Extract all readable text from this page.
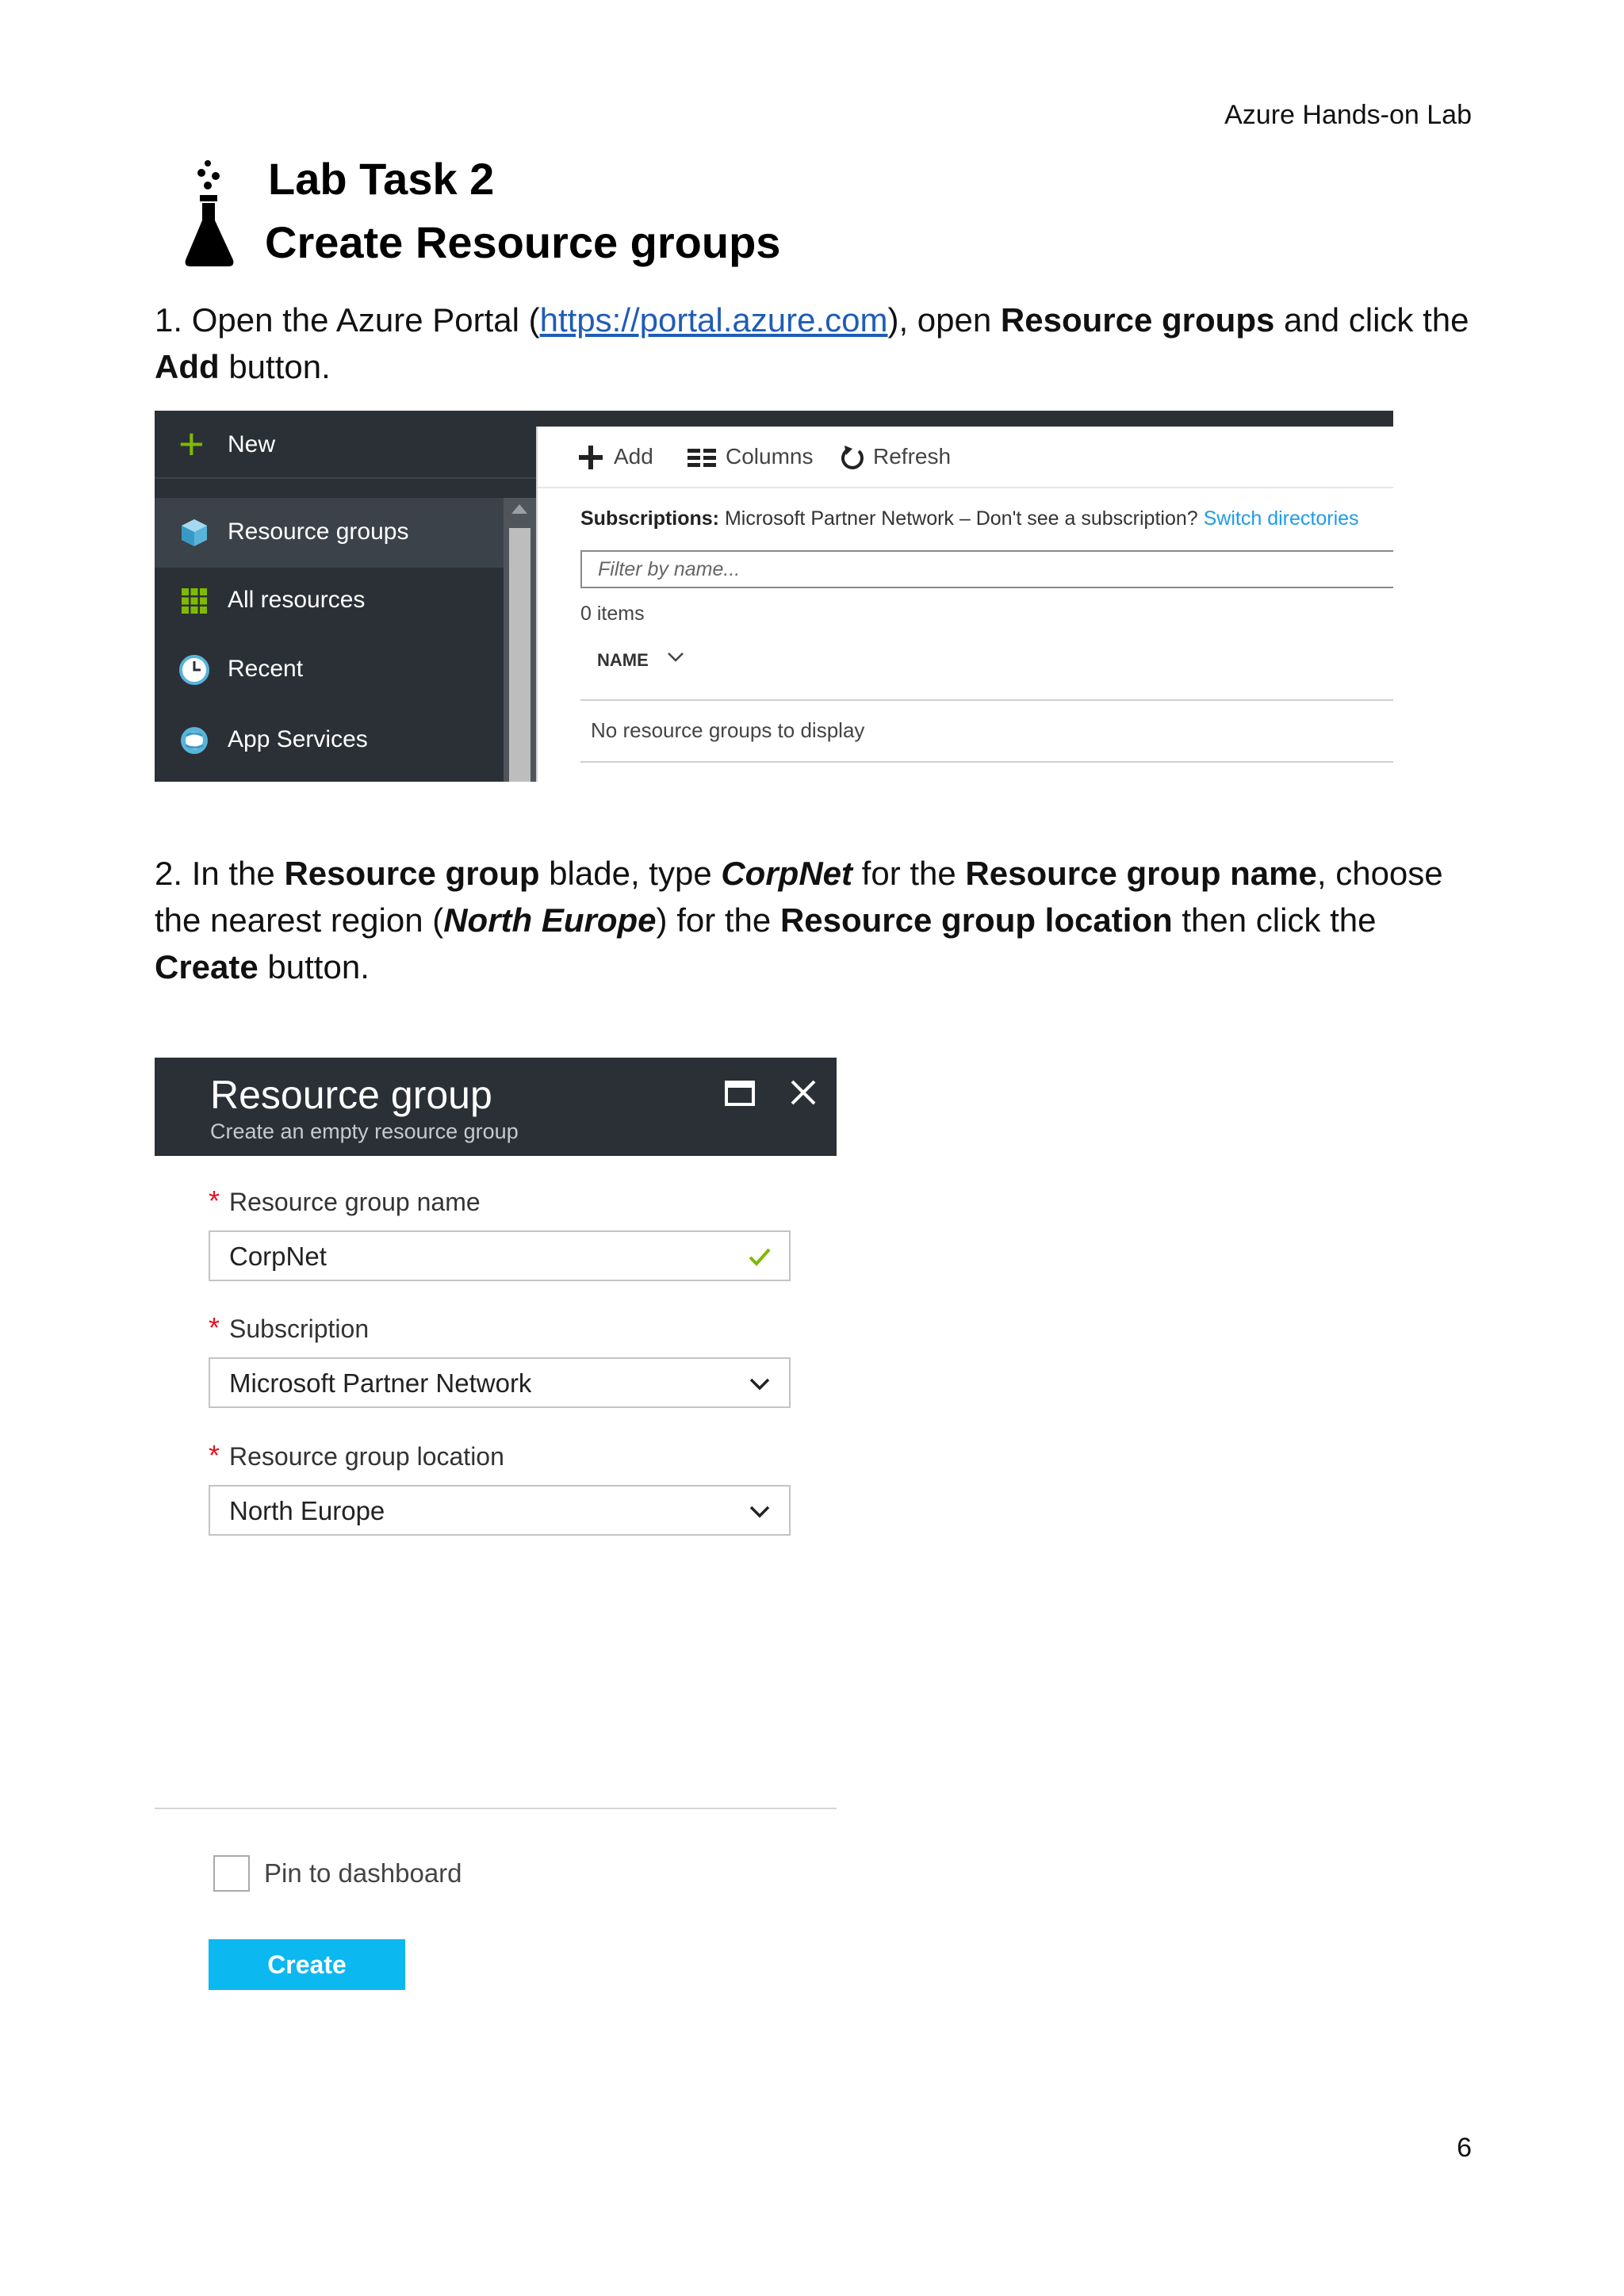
Azure Hands-on Lab
Lab Task 2
Create Resource groups
1. Open the Azure Portal (https://portal.azure.com), open Resource groups and click the Add button.
+ New
Resource groups
All resources
Recent
App Services
Add	Columns	Refresh
Subscriptions: Microsoft Partner Network – Don't see a subscription? Switch directories
Filter by name...
0 items
NAME
No resource groups to display
2. In the Resource group blade, type CorpNet for the Resource group name, choose the nearest region (North Europe) for the Resource group location then click the Create button.
Resource group
Create an empty resource group
* Resource group name
CorpNet
* Subscription
Microsoft Partner Network
* Resource group location
North Europe
Pin to dashboard
Create
6
